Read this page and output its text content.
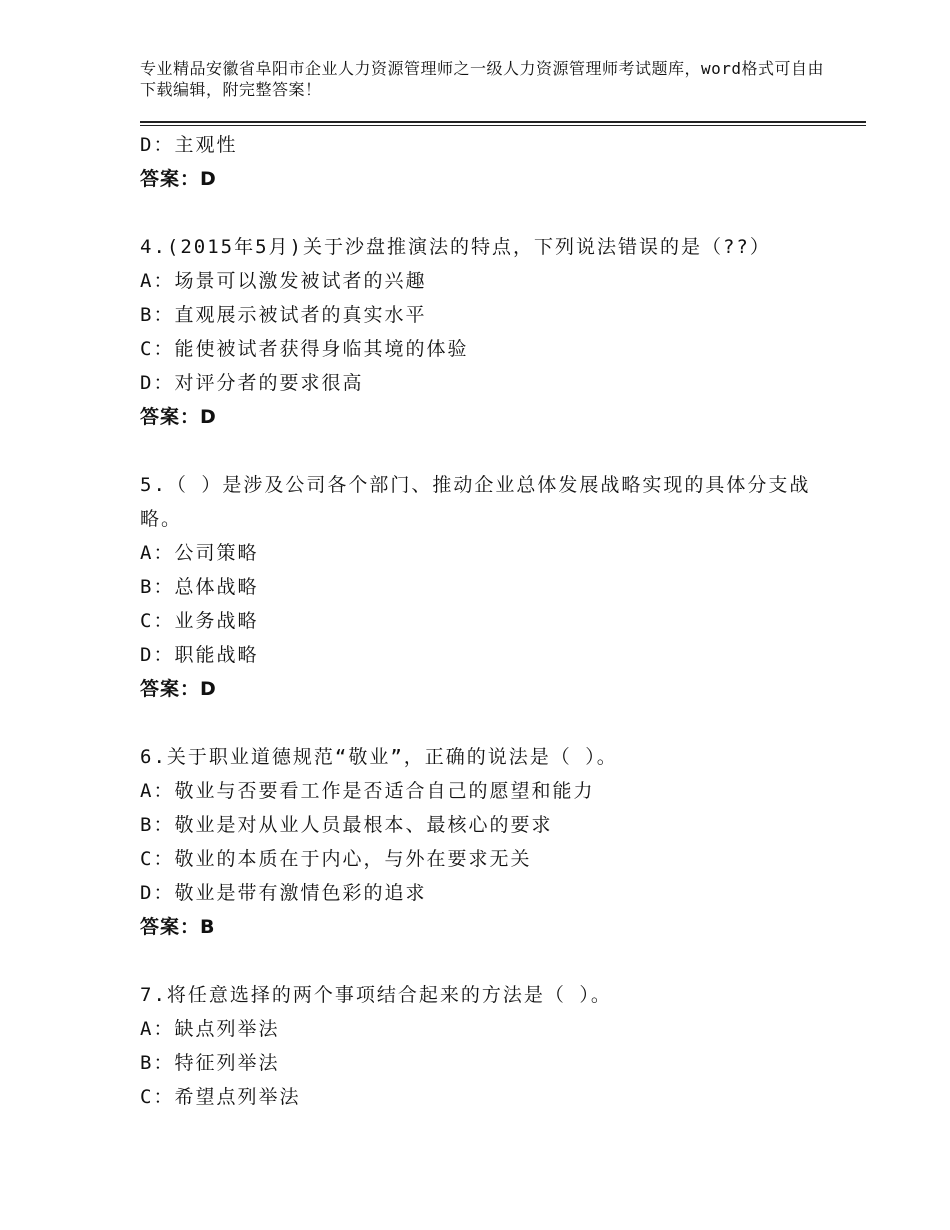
专业精品安徽省阜阳市企业人力资源管理师之一级人力资源管理师考试题库，word格式可自由下载编辑，附完整答案！
D：主观性
答案：D
4.(2015年5月)关于沙盘推演法的特点，下列说法错误的是（??）
A：场景可以激发被试者的兴趣
B：直观展示被试者的真实水平
C：能使被试者获得身临其境的体验
D：对评分者的要求很高
答案：D
5.（ ）是涉及公司各个部门、推动企业总体发展战略实现的具体分支战略。
A：公司策略
B：总体战略
C：业务战略
D：职能战略
答案：D
6.关于职业道德规范“敬业”，正确的说法是（ ）。
A：敬业与否要看工作是否适合自己的愿望和能力
B：敬业是对从业人员最根本、最核心的要求
C：敬业的本质在于内心，与外在要求无关
D：敬业是带有激情色彩的追求
答案：B
7.将任意选择的两个事项结合起来的方法是（ ）。
A：缺点列举法
B：特征列举法
C：希望点列举法
